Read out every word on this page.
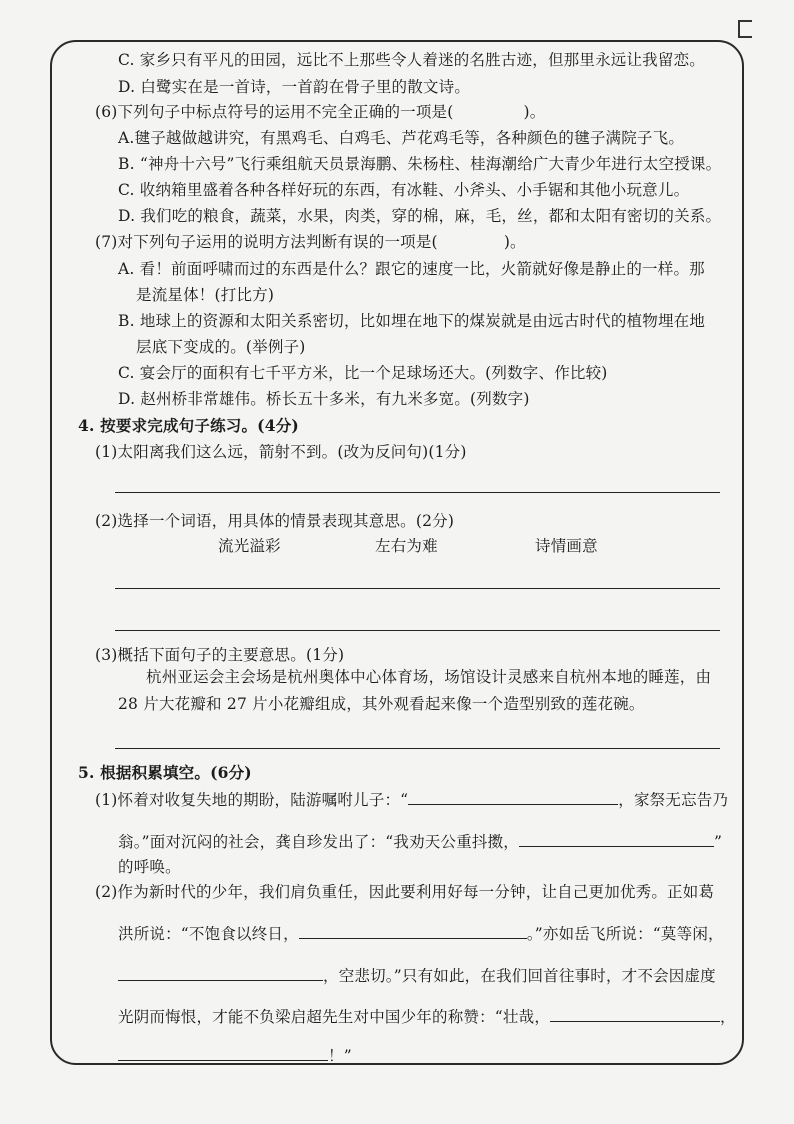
C. 家乡只有平凡的田园，远比不上那些令人着迷的名胜古迹，但那里永远让我留恋。
D. 白鹭实在是一首诗，一首韵在骨子里的散文诗。
(6)下列句子中标点符号的运用不完全正确的一项是(	)。
A.毽子越做越讲究，有黑鸡毛、白鸡毛、芦花鸡毛等，各种颜色的毽子满院子飞。
B. “神舟十六号”飞行乘组航天员景海鹏、朱杨柱、桂海潮给广大青少年进行太空授课。
C. 收纳箱里盛着各种各样好玩的东西，有冰鞋、小斧头、小手锯和其他小玩意儿。
D. 我们吃的粮食，蔬菜，水果，肉类，穿的棉，麻，毛，丝，都和太阳有密切的关系。
(7)对下列句子运用的说明方法判断有误的一项是(	)。
A. 看！前面呼啸而过的东西是什么？跟它的速度一比，火箭就好像是静止的一样。那
是流星体！(打比方)
B. 地球上的资源和太阳关系密切，比如埋在地下的煤炭就是由远古时代的植物埋在地
层底下变成的。(举例子)
C. 宴会厅的面积有七千平方米，比一个足球场还大。(列数字、作比较)
D. 赵州桥非常雄伟。桥长五十多米，有九米多宽。(列数字)
4. 按要求完成句子练习。(4分)
(1)太阳离我们这么远，箭射不到。(改为反问句)(1分)
(2)选择一个词语，用具体的情景表现其意思。(2分)
流光溢彩	左右为难	诗情画意
(3)概括下面句子的主要意思。(1分)
杭州亚运会主会场是杭州奥体中心体育场，场馆设计灵感来自杭州本地的睡莲，由
28 片大花瓣和 27 片小花瓣组成，其外观看起来像一个造型别致的莲花碗。
5. 根据积累填空。(6分)
(1)怀着对收复失地的期盼，陆游嘱咐儿子：“	，家祭无忘告乃
翁。”面对沉闷的社会，龚自珍发出了：“我劝天公重抖擞，	”
的呼唤。
(2)作为新时代的少年，我们肩负重任，因此要利用好每一分钟，让自己更加优秀。正如葛
洪所说：“不饱食以终日，	。”亦如岳飞所说：“莫等闲，
，空悲切。”只有如此，在我们回首往事时，才不会因虚度
光阴而悔恨，才能不负梁启超先生对中国少年的称赞：“壮哉，	，
！”
